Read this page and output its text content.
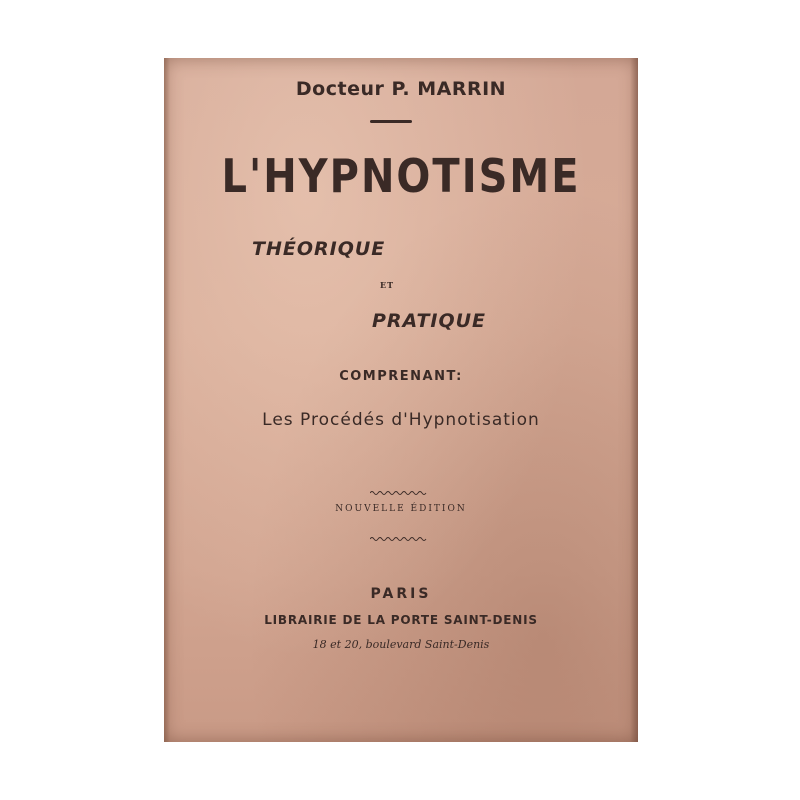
Docteur P. MARRIN
L'HYPNOTISME
THÉORIQUE
ET
PRATIQUE
COMPRENANT:
Les Procédés d'Hypnotisation
NOUVELLE ÉDITION
PARIS
LIBRAIRIE DE LA PORTE SAINT-DENIS
18 et 20, boulevard Saint-Denis
